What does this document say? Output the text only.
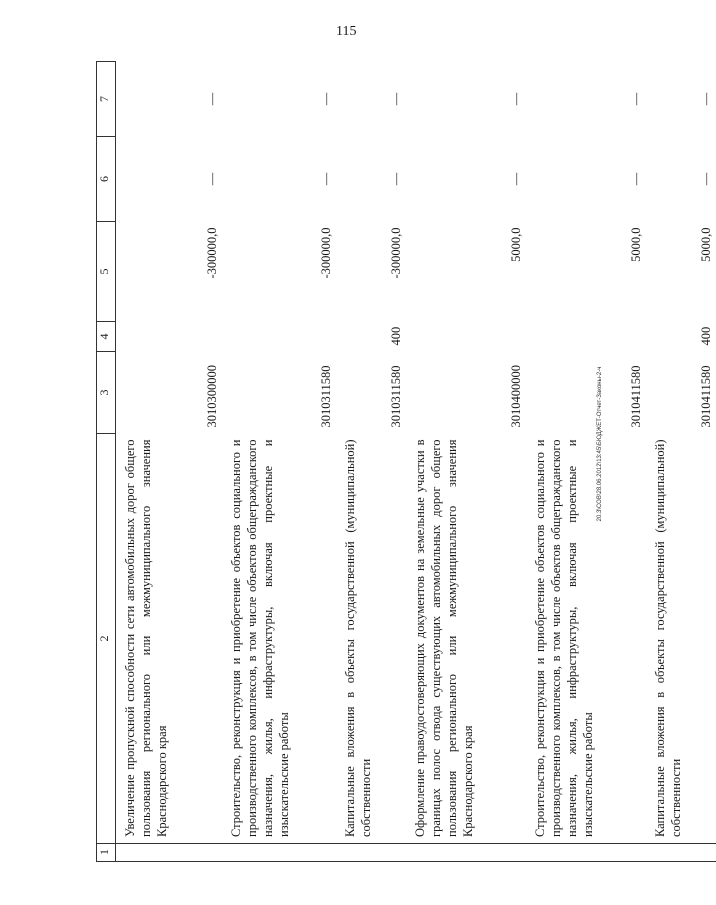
115
20.3\СОВ\28.06.2012\13:45\БЮДЖЕТ-Отчет-Законы-2-ч
1	2	3	4	5	6	7
	Увеличение пропускной способности сети автомобильных дорог общего пользования регионального или межмуниципального значения Краснодарского края	3010300000		-300000,0	—	—
	Строительство, реконструкция и приобретение объектов социального и производственного комплексов, в том числе объектов общегражданского назначения, жилья, инфраструктуры, включая проектные и изыскательские работы	3010311580		-300000,0	—	—
	Капитальные вложения в объекты государственной (муниципальной) собственности	3010311580	400	-300000,0	—	—
	Оформление правоудостоверяющих документов на земельные участки в границах полос отвода существующих автомобильных дорог общего пользования регионального или межмуниципального значения Краснодарского края	3010400000		5000,0	—	—
	Строительство, реконструкция и приобретение объектов социального и производственного комплексов, в том числе объектов общегражданского назначения, жилья, инфраструктуры, включая проектные и изыскательские работы	3010411580		5000,0	—	—
	Капитальные вложения в объекты государственной (муниципальной) собственности	3010411580	400	5000,0	—	—
